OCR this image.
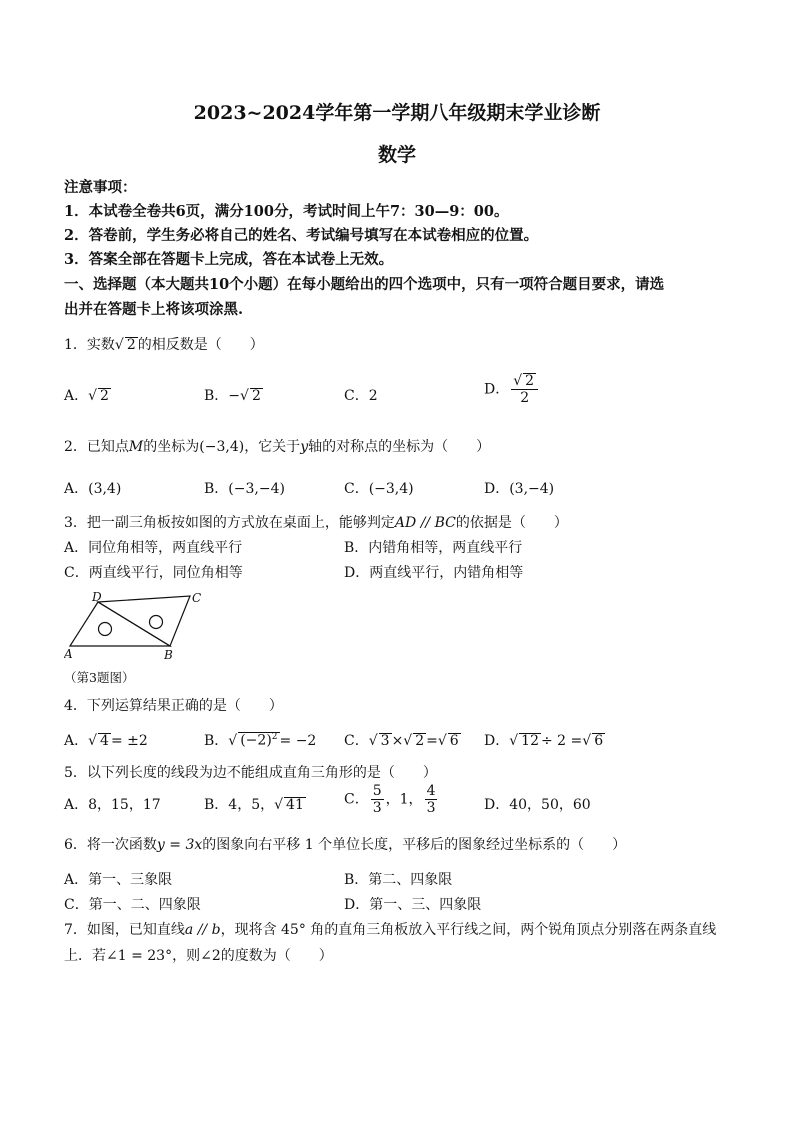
2023~2024学年第一学期八年级期末学业诊断
数学
注意事项：
1．本试卷全卷共6页，满分100分，考试时间上午7：30—9：00。
2．答卷前，学生务必将自己的姓名、考试编号填写在本试卷相应的位置。
3．答案全部在答题卡上完成，答在本试卷上无效。
一、选择题（本大题共10个小题）在每小题给出的四个选项中，只有一项符合题目要求，请选
出并在答题卡上将该项涂黑.
1．实数√ 2 的相反数是（　　）
A．√ 2	B．−√ 2	C．2	D． $\frac{√ 2}{2}$
2．已知点M的坐标为(−3,4)，它关于y轴的对称点的坐标为（　　）
A．(3,4)	B．(−3,−4)	C．(−3,4)	D．(3,−4)
3．把一副三角板按如图的方式放在桌面上，能够判定AD // BC的依据是（　　）
A．同位角相等，两直线平行	B．内错角相等，两直线平行
C．两直线平行，同位角相等	D．两直线平行，内错角相等
D	C
A	B
（第3题图）
4．下列运算结果正确的是（　　）
A．√ 4 = ±2	B．√ $(-2)^2 = -2$ C．√ 3 ×√ 2 =√ 6 D．√ 12 ÷ 2 =√ 6
5．以下列长度的线段为边不能组成直角三角形的是（　　）
A．8，15，17	B．4，5，√ 41	C． $\frac{5}{3}$ ，1， $\frac{4}{3}$	D．40，50，60
6．将一次函数y = 3x的图象向右平移 1 个单位长度，平移后的图象经过坐标系的（　　）
A．第一、三象限	B．第二、四象限
C．第一、二、四象限	D．第一、三、四象限
7．如图，已知直线a // b，现将含 45° 角的直角三角板放入平行线之间，两个锐角顶点分别落在两条直线
上．若∠1 = 23°，则∠2的度数为（　　）
